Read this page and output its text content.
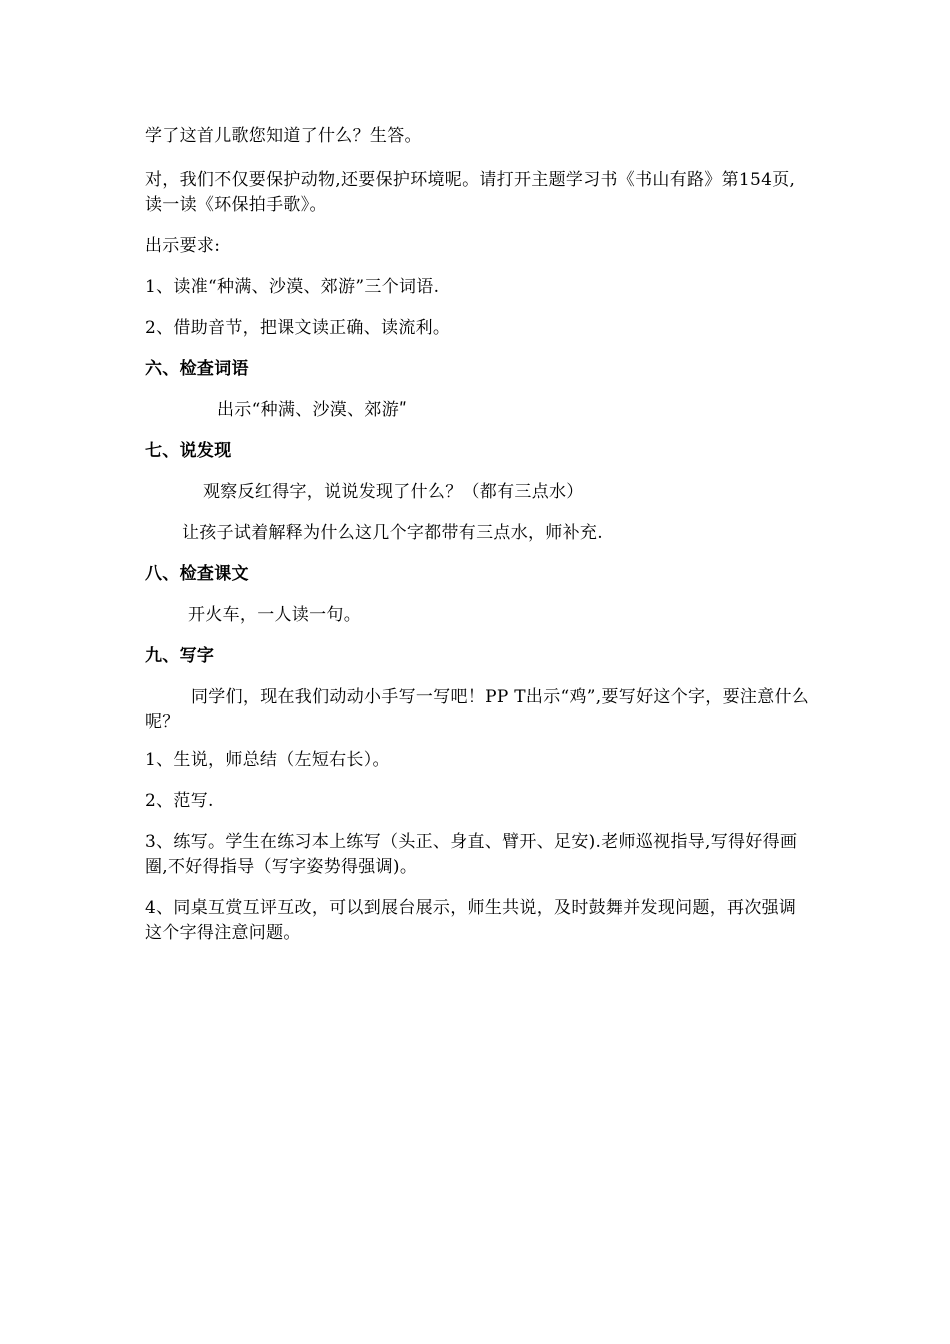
学了这首儿歌您知道了什么？生答。
对，我们不仅要保护动物,还要保护环境呢。请打开主题学习书《书山有路》第154页,读一读《环保拍手歌》。
出示要求:
1、读准“种满、沙漠、郊游”三个词语.
2、借助音节，把课文读正确、读流利。
六、检查词语
出示“种满、沙漠、郊游ʺ
七、说发现
观察反红得字，说说发现了什么？（都有三点水）
让孩子试着解释为什么这几个字都带有三点水，师补充.
八、检查课文
开火车，一人读一句。
九、写字
同学们，现在我们动动小手写一写吧！PP T出示“鸡”,要写好这个字，要注意什么呢？
1、生说，师总结（左短右长）。
2、范写.
3、练写。学生在练习本上练写（头正、身直、臂开、足安).老师巡视指导,写得好得画圈,不好得指导（写字姿势得强调)。
4、同桌互赏互评互改，可以到展台展示，师生共说，及时鼓舞并发现问题，再次强调这个字得注意问题。
